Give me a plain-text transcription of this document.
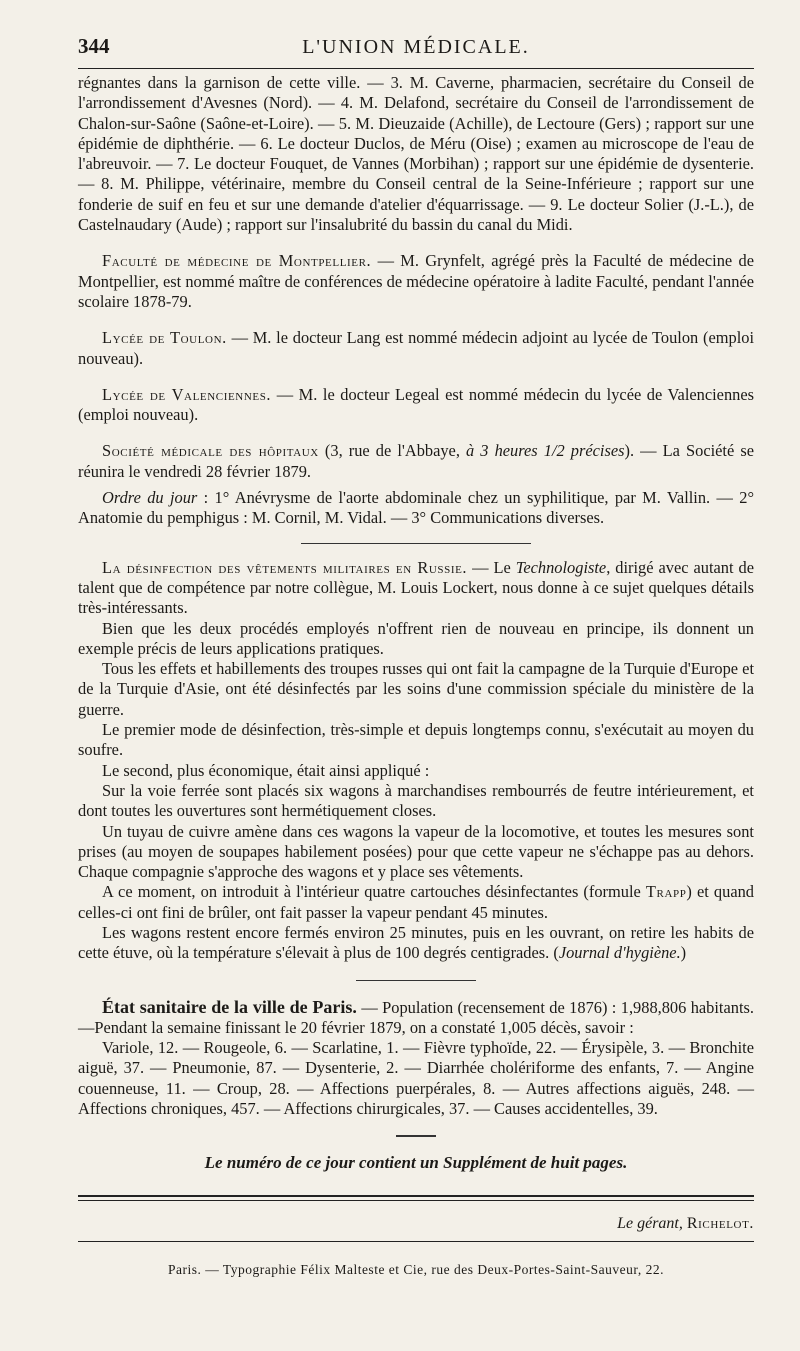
344	L'UNION MÉDICALE.

régnantes dans la garnison de cette ville. — 3. M. Caverne, pharmacien, secrétaire du Conseil de l'arrondissement d'Avesnes (Nord). — 4. M. Delafond, secrétaire du Conseil de l'arrondissement de Chalon-sur-Saône (Saône-et-Loire). — 5. M. Dieuzaide (Achille), de Lectoure (Gers) ; rapport sur une épidémie de diphthérie. — 6. Le docteur Duclos, de Méru (Oise) ; examen au microscope de l'eau de l'abreuvoir. — 7. Le docteur Fouquet, de Vannes (Morbihan) ; rapport sur une épidémie de dysenterie. — 8. M. Philippe, vétérinaire, membre du Conseil central de la Seine-Inférieure ; rapport sur une fonderie de suif en feu et sur une demande d'atelier d'équarrissage. — 9. Le docteur Solier (J.-L.), de Castelnaudary (Aude) ; rapport sur l'insalubrité du bassin du canal du Midi.

Faculté de médecine de Montpellier. — M. Grynfelt, agrégé près la Faculté de médecine de Montpellier, est nommé maître de conférences de médecine opératoire à ladite Faculté, pendant l'année scolaire 1878-79.

Lycée de Toulon. — M. le docteur Lang est nommé médecin adjoint au lycée de Toulon (emploi nouveau).

Lycée de Valenciennes. — M. le docteur Legeal est nommé médecin du lycée de Valenciennes (emploi nouveau).

Société médicale des hôpitaux (3, rue de l'Abbaye, à 3 heures 1/2 précises). — La Société se réunira le vendredi 28 février 1879.

Ordre du jour : 1° Anévrysme de l'aorte abdominale chez un syphilitique, par M. Vallin. — 2° Anatomie du pemphigus : M. Cornil, M. Vidal. — 3° Communications diverses.

La désinfection des vêtements militaires en Russie. — Le Technologiste, dirigé avec autant de talent que de compétence par notre collègue, M. Louis Lockert, nous donne à ce sujet quelques détails très-intéressants.

Bien que les deux procédés employés n'offrent rien de nouveau en principe, ils donnent un exemple précis de leurs applications pratiques.

Tous les effets et habillements des troupes russes qui ont fait la campagne de la Turquie d'Europe et de la Turquie d'Asie, ont été désinfectés par les soins d'une commission spéciale du ministère de la guerre.

Le premier mode de désinfection, très-simple et depuis longtemps connu, s'exécutait au moyen du soufre.

Le second, plus économique, était ainsi appliqué :

Sur la voie ferrée sont placés six wagons à marchandises rembourrés de feutre intérieurement, et dont toutes les ouvertures sont hermétiquement closes.

Un tuyau de cuivre amène dans ces wagons la vapeur de la locomotive, et toutes les mesures sont prises (au moyen de soupapes habilement posées) pour que cette vapeur ne s'échappe pas au dehors. Chaque compagnie s'approche des wagons et y place ses vêtements.

A ce moment, on introduit à l'intérieur quatre cartouches désinfectantes (formule Trapp) et quand celles-ci ont fini de brûler, ont fait passer la vapeur pendant 45 minutes.

Les wagons restent encore fermés environ 25 minutes, puis en les ouvrant, on retire les habits de cette étuve, où la température s'élevait à plus de 100 degrés centigrades. (Journal d'hygiène.)

État sanitaire de la ville de Paris. — Population (recensement de 1876) : 1,988,806 habitants.—Pendant la semaine finissant le 20 février 1879, on a constaté 1,005 décès, savoir :

Variole, 12. — Rougeole, 6. — Scarlatine, 1. — Fièvre typhoïde, 22. — Érysipèle, 3. — Bronchite aiguë, 37. — Pneumonie, 87. — Dysenterie, 2. — Diarrhée cholériforme des enfants, 7. — Angine couenneuse, 11. — Croup, 28. — Affections puerpérales, 8. — Autres affections aiguës, 248. — Affections chroniques, 457. — Affections chirurgicales, 37. — Causes accidentelles, 39.

Le numéro de ce jour contient un Supplément de huit pages.
Le gérant, Richelot.
Paris. — Typographie Félix Malteste et Cie, rue des Deux-Portes-Saint-Sauveur, 22.
